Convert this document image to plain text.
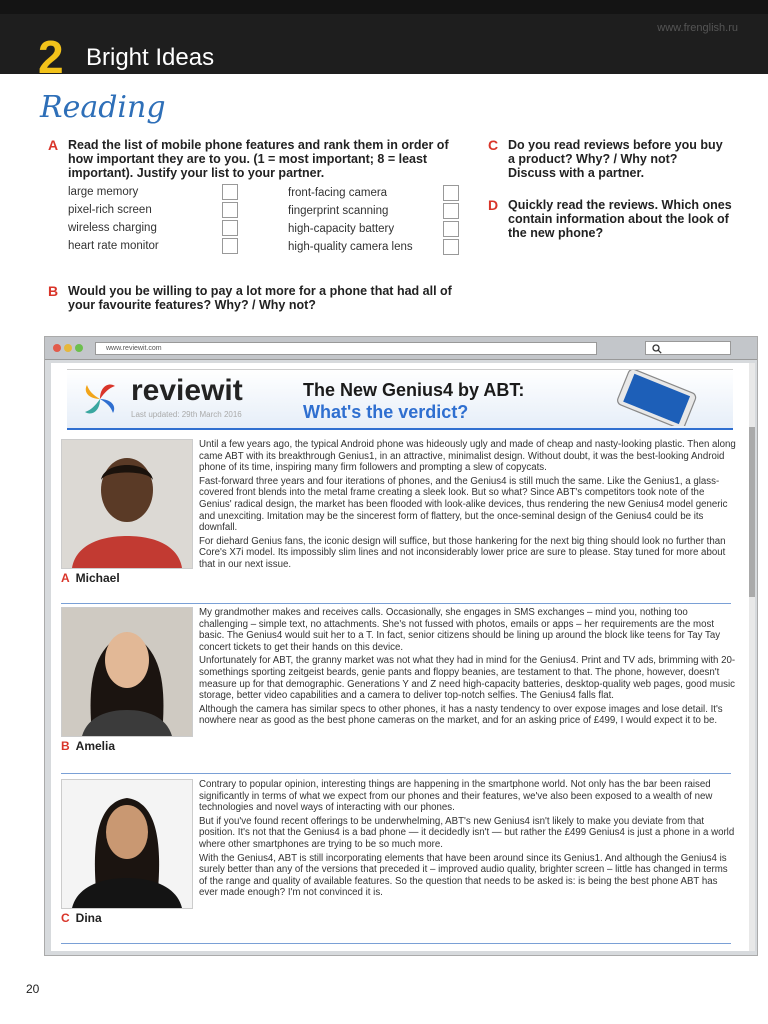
2 Bright Ideas
www.frenglish.ru
Reading
A Read the list of mobile phone features and rank them in order of how important they are to you. (1 = most important; 8 = least important). Justify your list to your partner.
large memory
pixel-rich screen
wireless charging
heart rate monitor
front-facing camera
fingerprint scanning
high-capacity battery
high-quality camera lens
B Would you be willing to pay a lot more for a phone that had all of your favourite features? Why? / Why not?
C Do you read reviews before you buy a product? Why? / Why not? Discuss with a partner.
D Quickly read the reviews. Which ones contain information about the look of the new phone?
www.reviewit.com
reviewit
Last updated: 29th March 2016
The New Genius4 by ABT:
What's the verdict?
A Michael

Until a few years ago, the typical Android phone was hideously ugly and made of cheap and nasty-looking plastic. Then along came ABT with its breakthrough Genius1, in an attractive, minimalist design. Without doubt, it was the best-looking Android phone of its time, inspiring many firm followers and prompting a slew of copycats.

Fast-forward three years and four iterations of phones, and the Genius4 is still much the same. Like the Genius1, a glass-covered front blends into the metal frame creating a sleek look. But so what? Since ABT's competitors took note of the Genius' radical design, the market has been flooded with look-alike devices, thus rendering the new Genius4 model generic and unexciting. Imitation may be the sincerest form of flattery, but the once-seminal design of the Genius4 could be its downfall.

For diehard Genius fans, the iconic design will suffice, but those hankering for the next big thing should look no further than Core's X7i model. Its impossibly slim lines and not inconsiderably lower price are sure to please. Stay tuned for more about that in our next issue.

B Amelia

My grandmother makes and receives calls. Occasionally, she engages in SMS exchanges – mind you, nothing too challenging – simple text, no attachments. She's not fussed with photos, emails or apps – her requirements are the most basic. The Genius4 would suit her to a T. In fact, senior citizens should be lining up around the block like teens for Tay Tay concert tickets to get their hands on this device.

Unfortunately for ABT, the granny market was not what they had in mind for the Genius4. Print and TV ads, brimming with 20-somethings sporting zeitgeist beards, genie pants and floppy beanies, are testament to that. The phone, however, doesn't measure up for that demographic. Generations Y and Z need high-capacity batteries, desktop-quality web pages, good music storage, better video capabilities and a camera to deliver top-notch selfies. The Genius4 falls flat.

Although the camera has similar specs to other phones, it has a nasty tendency to over expose images and lose detail. It's nowhere near as good as the best phone cameras on the market, and for an asking price of £499, I would expect it to be.

C Dina

Contrary to popular opinion, interesting things are happening in the smartphone world. Not only has the bar been raised significantly in terms of what we expect from our phones and their features, we've also been exposed to a wealth of new technologies and novel ways of interacting with our phones.

But if you've found recent offerings to be underwhelming, ABT's new Genius4 isn't likely to make you deviate from that position. It's not that the Genius4 is a bad phone — it decidedly isn't — but rather the £499 Genius4 is just a phone in a world where other smartphones are trying to be so much more.

With the Genius4, ABT is still incorporating elements that have been around since its Genius1. And although the Genius4 is surely better than any of the versions that preceded it – improved audio quality, brighter screen – little has changed in terms of the range and quality of available features. So the question that needs to be asked is: is being the best phone ABT has ever made enough? I'm not convinced it is.

20
